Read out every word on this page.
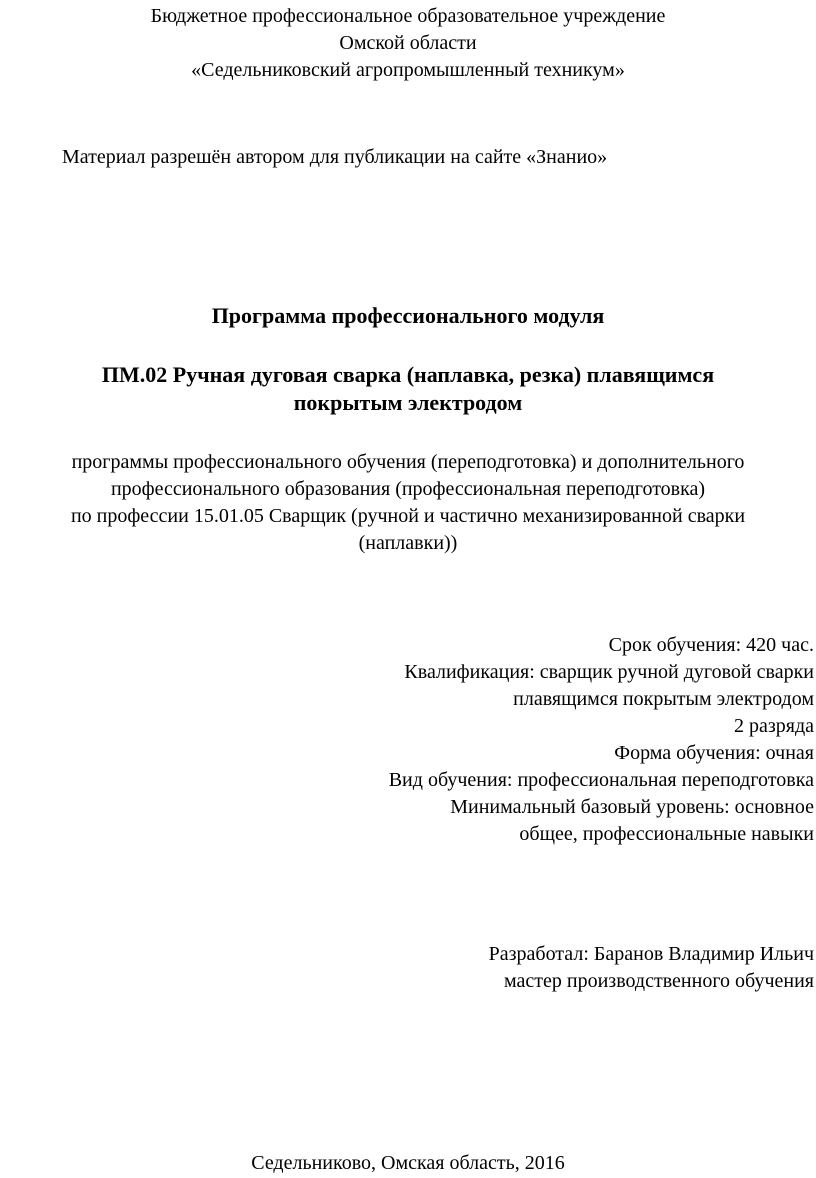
Бюджетное профессиональное образовательное учреждение
Омской области
«Седельниковский агропромышленный техникум»
Материал разрешён автором для публикации на сайте «Знанио»
Программа профессионального модуля
ПМ.02 Ручная дуговая сварка (наплавка, резка) плавящимся
покрытым электродом
программы профессионального обучения (переподготовка) и дополнительного
профессионального образования (профессиональная переподготовка)
по профессии 15.01.05 Сварщик (ручной и частично механизированной сварки
(наплавки))
Срок обучения: 420 час.
Квалификация: сварщик ручной дуговой сварки
плавящимся покрытым электродом
2 разряда
Форма обучения: очная
Вид обучения: профессиональная переподготовка
Минимальный базовый уровень: основное
общее, профессиональные навыки
Разработал: Баранов Владимир Ильич
мастер производственного обучения
Седельниково, Омская область, 2016
